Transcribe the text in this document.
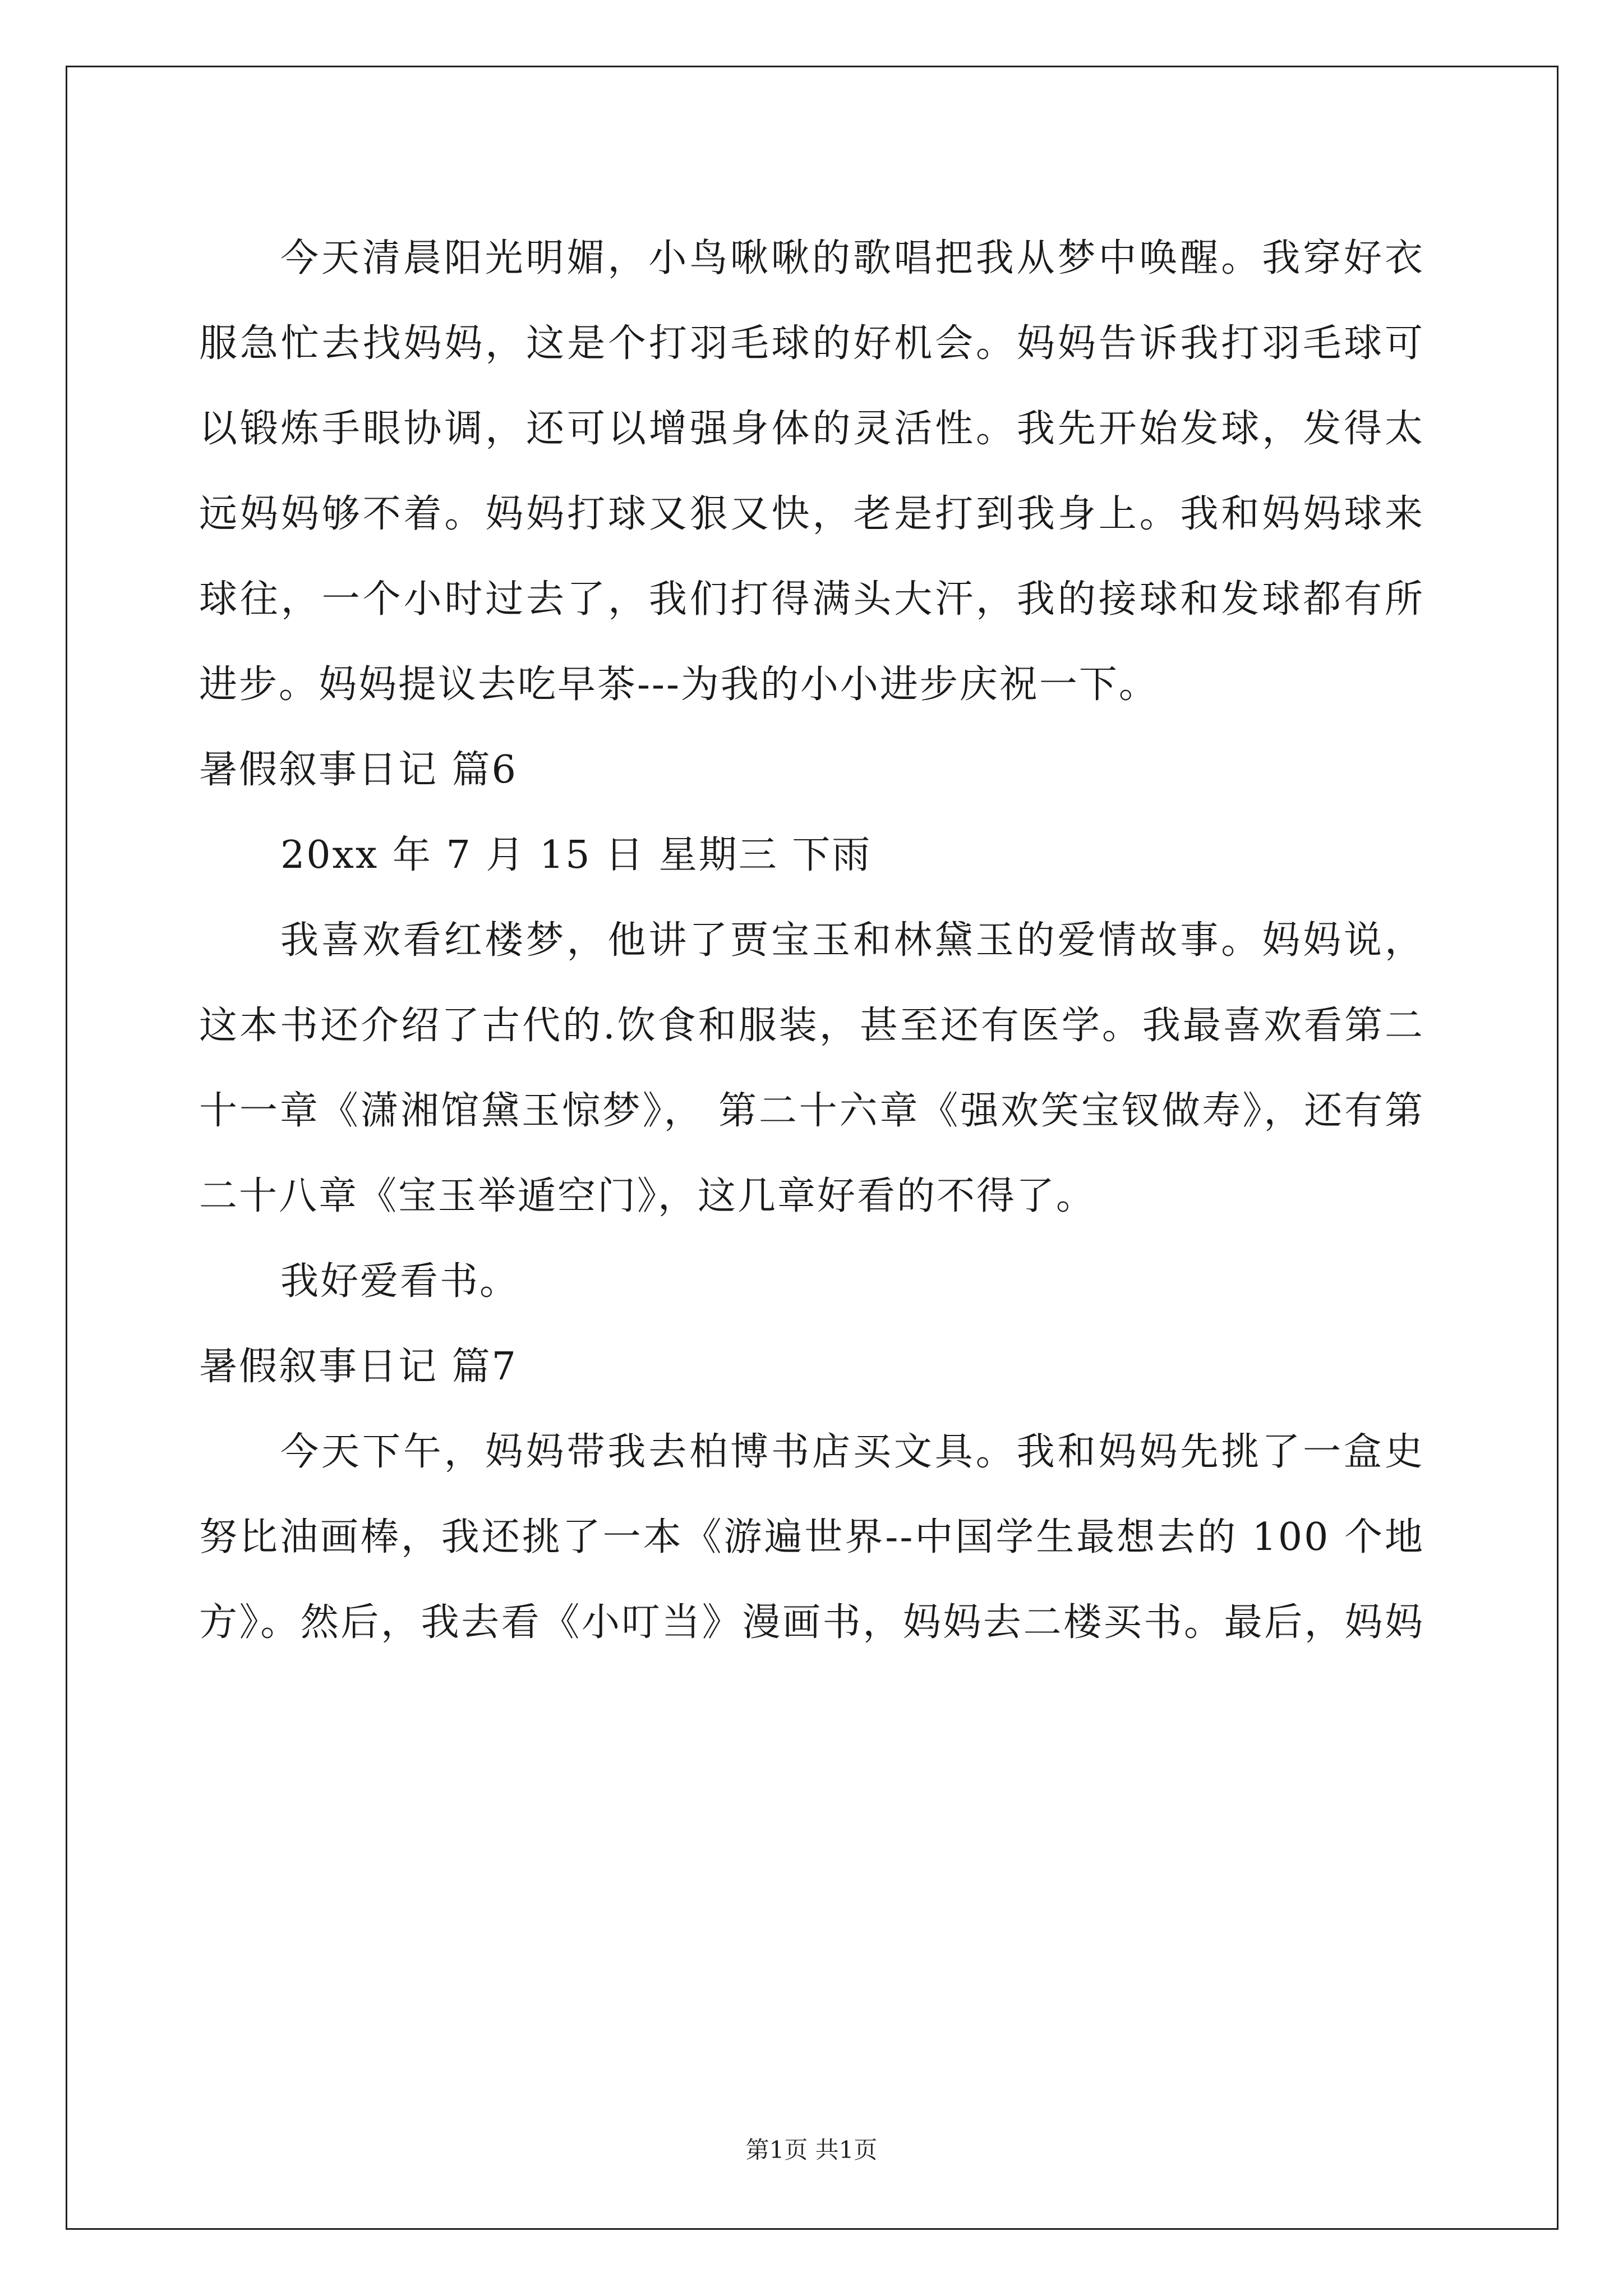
今天清晨阳光明媚，小鸟啾啾的歌唱把我从梦中唤醒。我穿好衣
服急忙去找妈妈，这是个打羽毛球的好机会。妈妈告诉我打羽毛球可
以锻炼手眼协调，还可以增强身体的灵活性。我先开始发球，发得太
远妈妈够不着。妈妈打球又狠又快，老是打到我身上。我和妈妈球来
球往，一个小时过去了，我们打得满头大汗，我的接球和发球都有所
进步。妈妈提议去吃早茶---为我的小小进步庆祝一下。
暑假叙事日记 篇6
20xx 年 7 月 15 日 星期三 下雨
我喜欢看红楼梦，他讲了贾宝玉和林黛玉的爱情故事。妈妈说，
这本书还介绍了古代的.饮食和服装，甚至还有医学。我最喜欢看第二
十一章《潇湘馆黛玉惊梦》， 第二十六章《强欢笑宝钗做寿》，还有第
二十八章《宝玉举遁空门》，这几章好看的不得了。
我好爱看书。
暑假叙事日记 篇7
今天下午，妈妈带我去柏博书店买文具。我和妈妈先挑了一盒史
努比油画棒，我还挑了一本《游遍世界--中国学生最想去的 100 个地
方》。然后，我去看《小叮当》漫画书，妈妈去二楼买书。最后，妈妈
第1页 共1页
